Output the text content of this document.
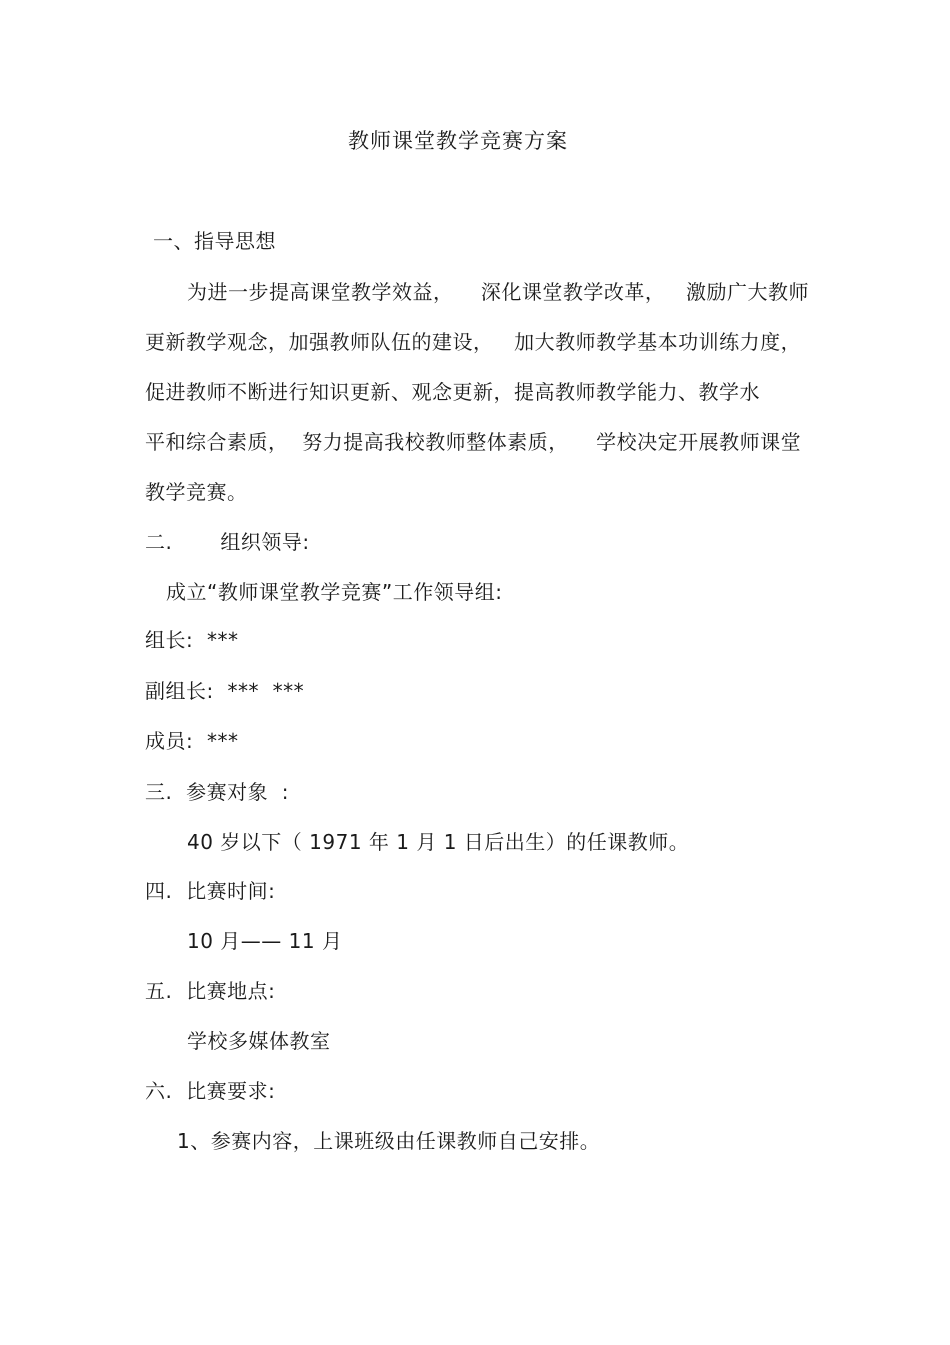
教师课堂教学竞赛方案
一、指导思想
为进一步提高课堂教学效益，    深化课堂教学改革，   激励广大教师
更新教学观念，加强教师队伍的建设，   加大教师教学基本功训练力度，
促进教师不断进行知识更新、观念更新，提高教师教学能力、教学水
平和综合素质，  努力提高我校教师整体素质，    学校决定开展教师课堂
教学竞赛。
二.       组织领导:
成立“教师课堂教学竞赛”工作领导组:
组长:  ***
副组长:  ***  ***
成员:  ***
三.  参赛对象  :
40 岁以下（ 1971 年 1 月 1 日后出生）的任课教师。
四.  比赛时间:
10 月—— 11 月
五.  比赛地点:
学校多媒体教室
六.  比赛要求:
1、参赛内容，上课班级由任课教师自己安排。
